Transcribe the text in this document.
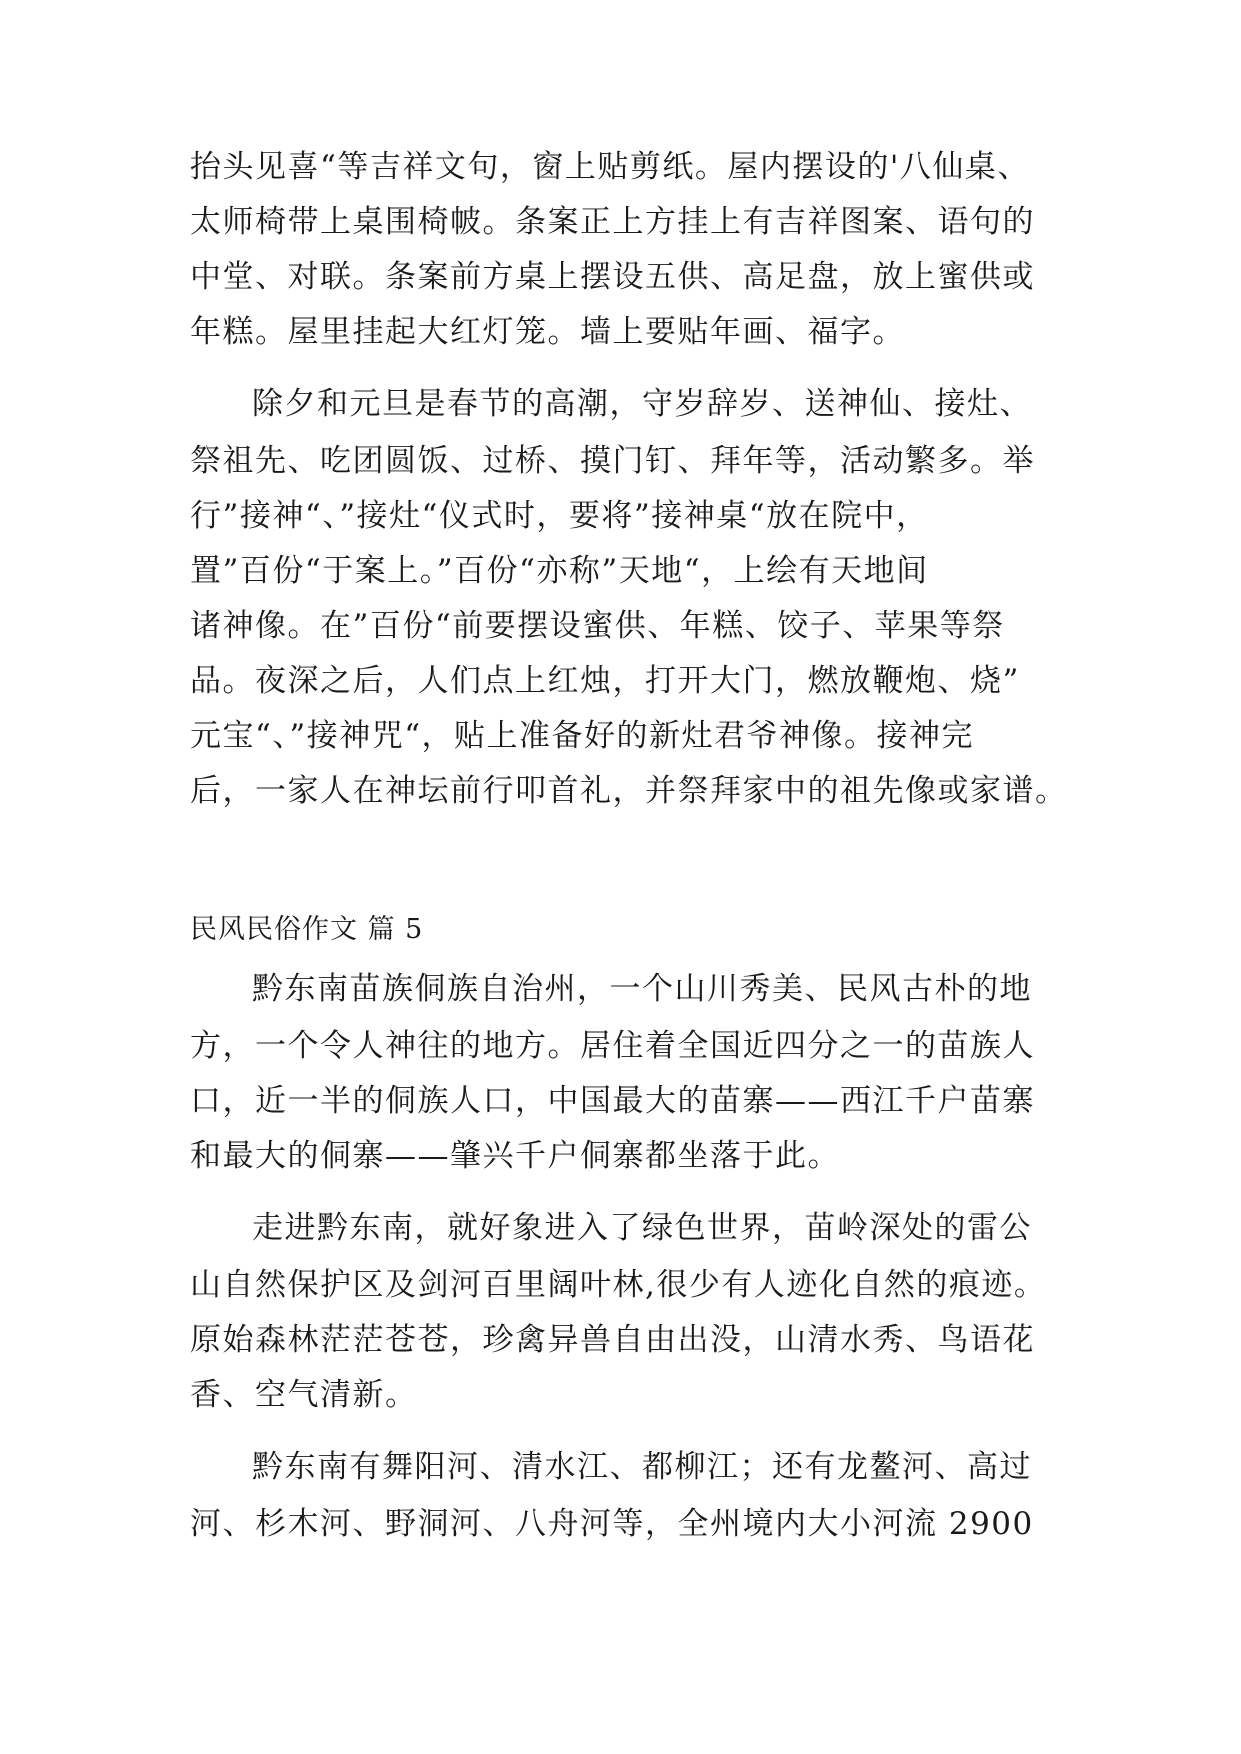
抬头见喜“等吉祥文句，窗上贴剪纸。屋内摆设的'八仙桌、
太师椅带上桌围椅帔。条案正上方挂上有吉祥图案、语句的
中堂、对联。条案前方桌上摆设五供、高足盘，放上蜜供或
年糕。屋里挂起大红灯笼。墙上要贴年画、福字。
除夕和元旦是春节的高潮，守岁辞岁、送神仙、接灶、
祭祖先、吃团圆饭、过桥、摸门钉、拜年等，活动繁多。举
行”接神“、”接灶“仪式时，要将”接神桌“放在院中，
置”百份“于案上。”百份“亦称”天地“，上绘有天地间
诸神像。在”百份“前要摆设蜜供、年糕、饺子、苹果等祭
品。夜深之后，人们点上红烛，打开大门，燃放鞭炮、烧”
元宝“、”接神咒“，贴上准备好的新灶君爷神像。接神完
后，一家人在神坛前行叩首礼，并祭拜家中的祖先像或家谱。
民风民俗作文 篇 5
黔东南苗族侗族自治州，一个山川秀美、民风古朴的地
方，一个令人神往的地方。居住着全国近四分之一的苗族人
口，近一半的侗族人口，中国最大的苗寨——西江千户苗寨
和最大的侗寨——肇兴千户侗寨都坐落于此。
走进黔东南，就好象进入了绿色世界，苗岭深处的雷公
山自然保护区及剑河百里阔叶林,很少有人迹化自然的痕迹。
原始森林茫茫苍苍，珍禽异兽自由出没，山清水秀、鸟语花
香、空气清新。
黔东南有舞阳河、清水江、都柳江；还有龙鳌河、高过
河、杉木河、野洞河、八舟河等，全州境内大小河流 2900
